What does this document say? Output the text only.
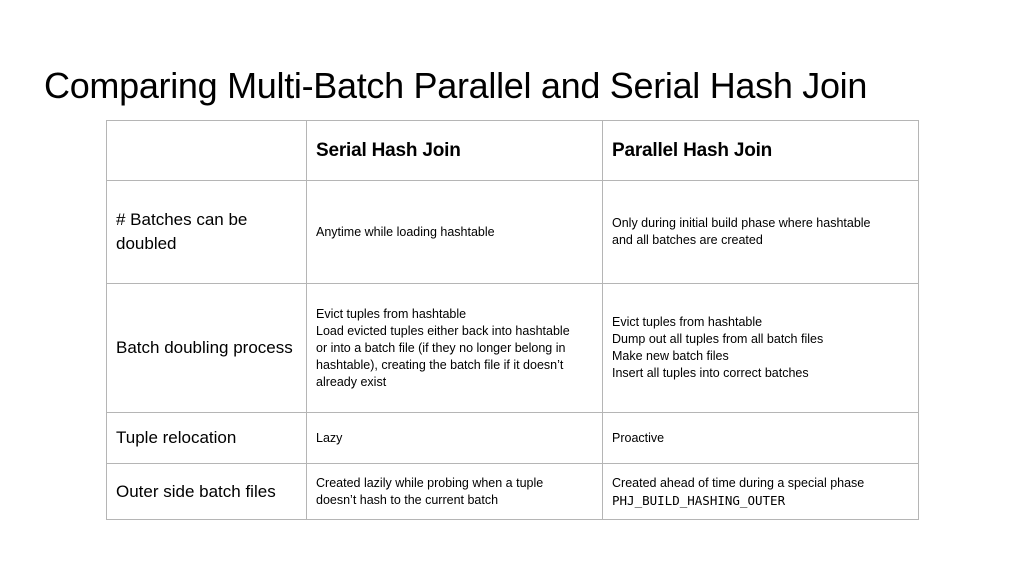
Comparing Multi-Batch Parallel and Serial Hash Join
	Serial Hash Join	Parallel Hash Join
# Batches can be doubled	Anytime while loading hashtable	Only during initial build phase where hashtable
and all batches are created

Batch doubling process	Evict tuples from hashtable
Load evicted tuples either back into hashtable
or into a batch file (if they no longer belong in
hashtable), creating the batch file if it doesn’t
already exist	Evict tuples from hashtable
Dump out all tuples from all batch files
Make new batch files
Insert all tuples into correct batches

Tuple relocation	Lazy	Proactive

Outer side batch files	Created lazily while probing when a tuple
doesn’t hash to the current batch	Created ahead of time during a special phase
PHJ_BUILD_HASHING_OUTER
